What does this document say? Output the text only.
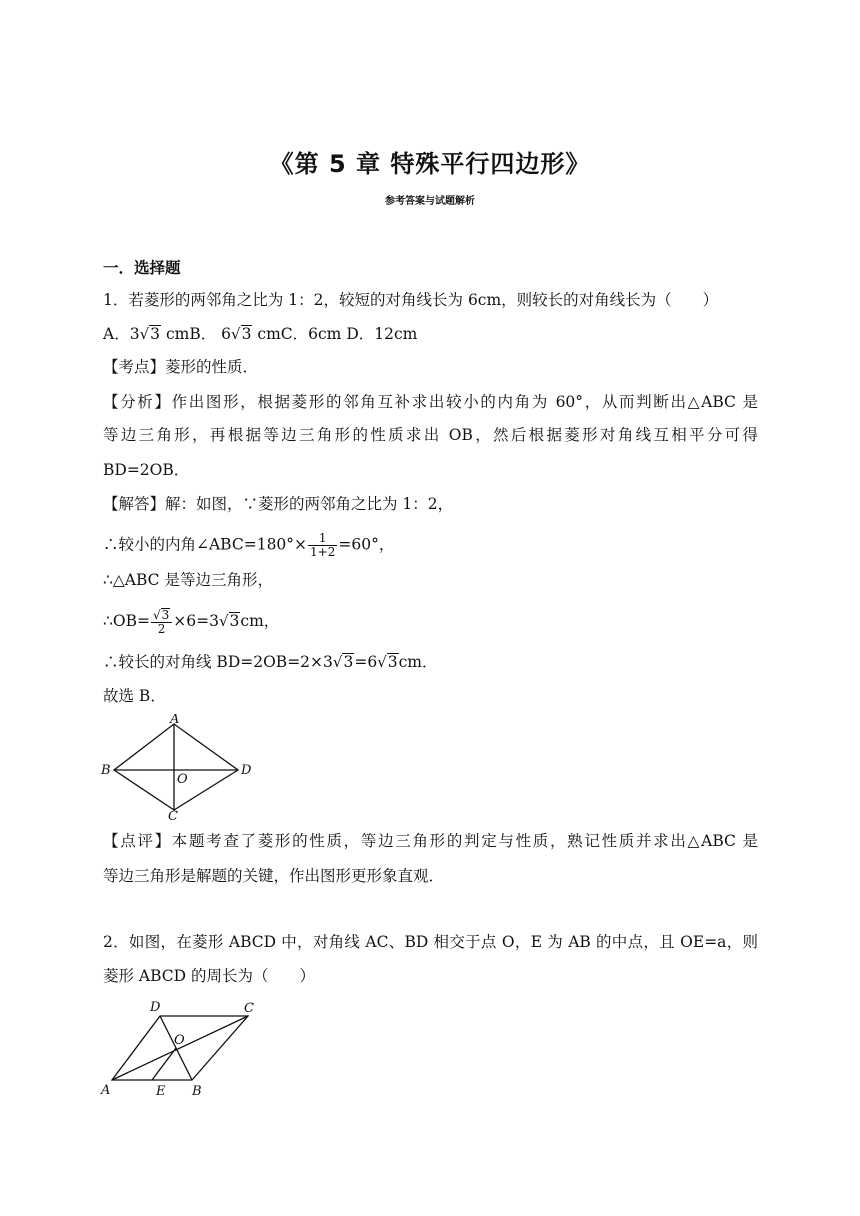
《第 5 章 特殊平行四边形》
参考答案与试题解析
一．选择题
1．若菱形的两邻角之比为 1：2，较短的对角线长为 6cm，则较长的对角线长为（　　）
A．3√3 cmB． 6√3 cmC．6cm D．12cm
【考点】菱形的性质．
【分析】作出图形，根据菱形的邻角互补求出较小的内角为 60°，从而判断出△ABC 是
等边三角形，再根据等边三角形的性质求出 OB，然后根据菱形对角线互相平分可得
BD=2OB．
【解答】解：如图，∵菱形的两邻角之比为 1：2，
∴较小的内角∠ABC=180°× $\frac{1}{1+2} =60^\circ$，
∴△ABC 是等边三角形，
∴OB= $\frac{√3}{2} \times 6=3√3cm$，
∴较长的对角线 BD=2OB=2×3√3=6√3cm．
故选 B．
A
B
C
D
O
【点评】本题考查了菱形的性质，等边三角形的判定与性质，熟记性质并求出△ABC 是
等边三角形是解题的关键，作出图形更形象直观．
2．如图，在菱形 ABCD 中，对角线 AC、BD 相交于点 O，E 为 AB 的中点，且 OE=a，则
菱形 ABCD 的周长为（　　）
A	B
C
D
E
O
